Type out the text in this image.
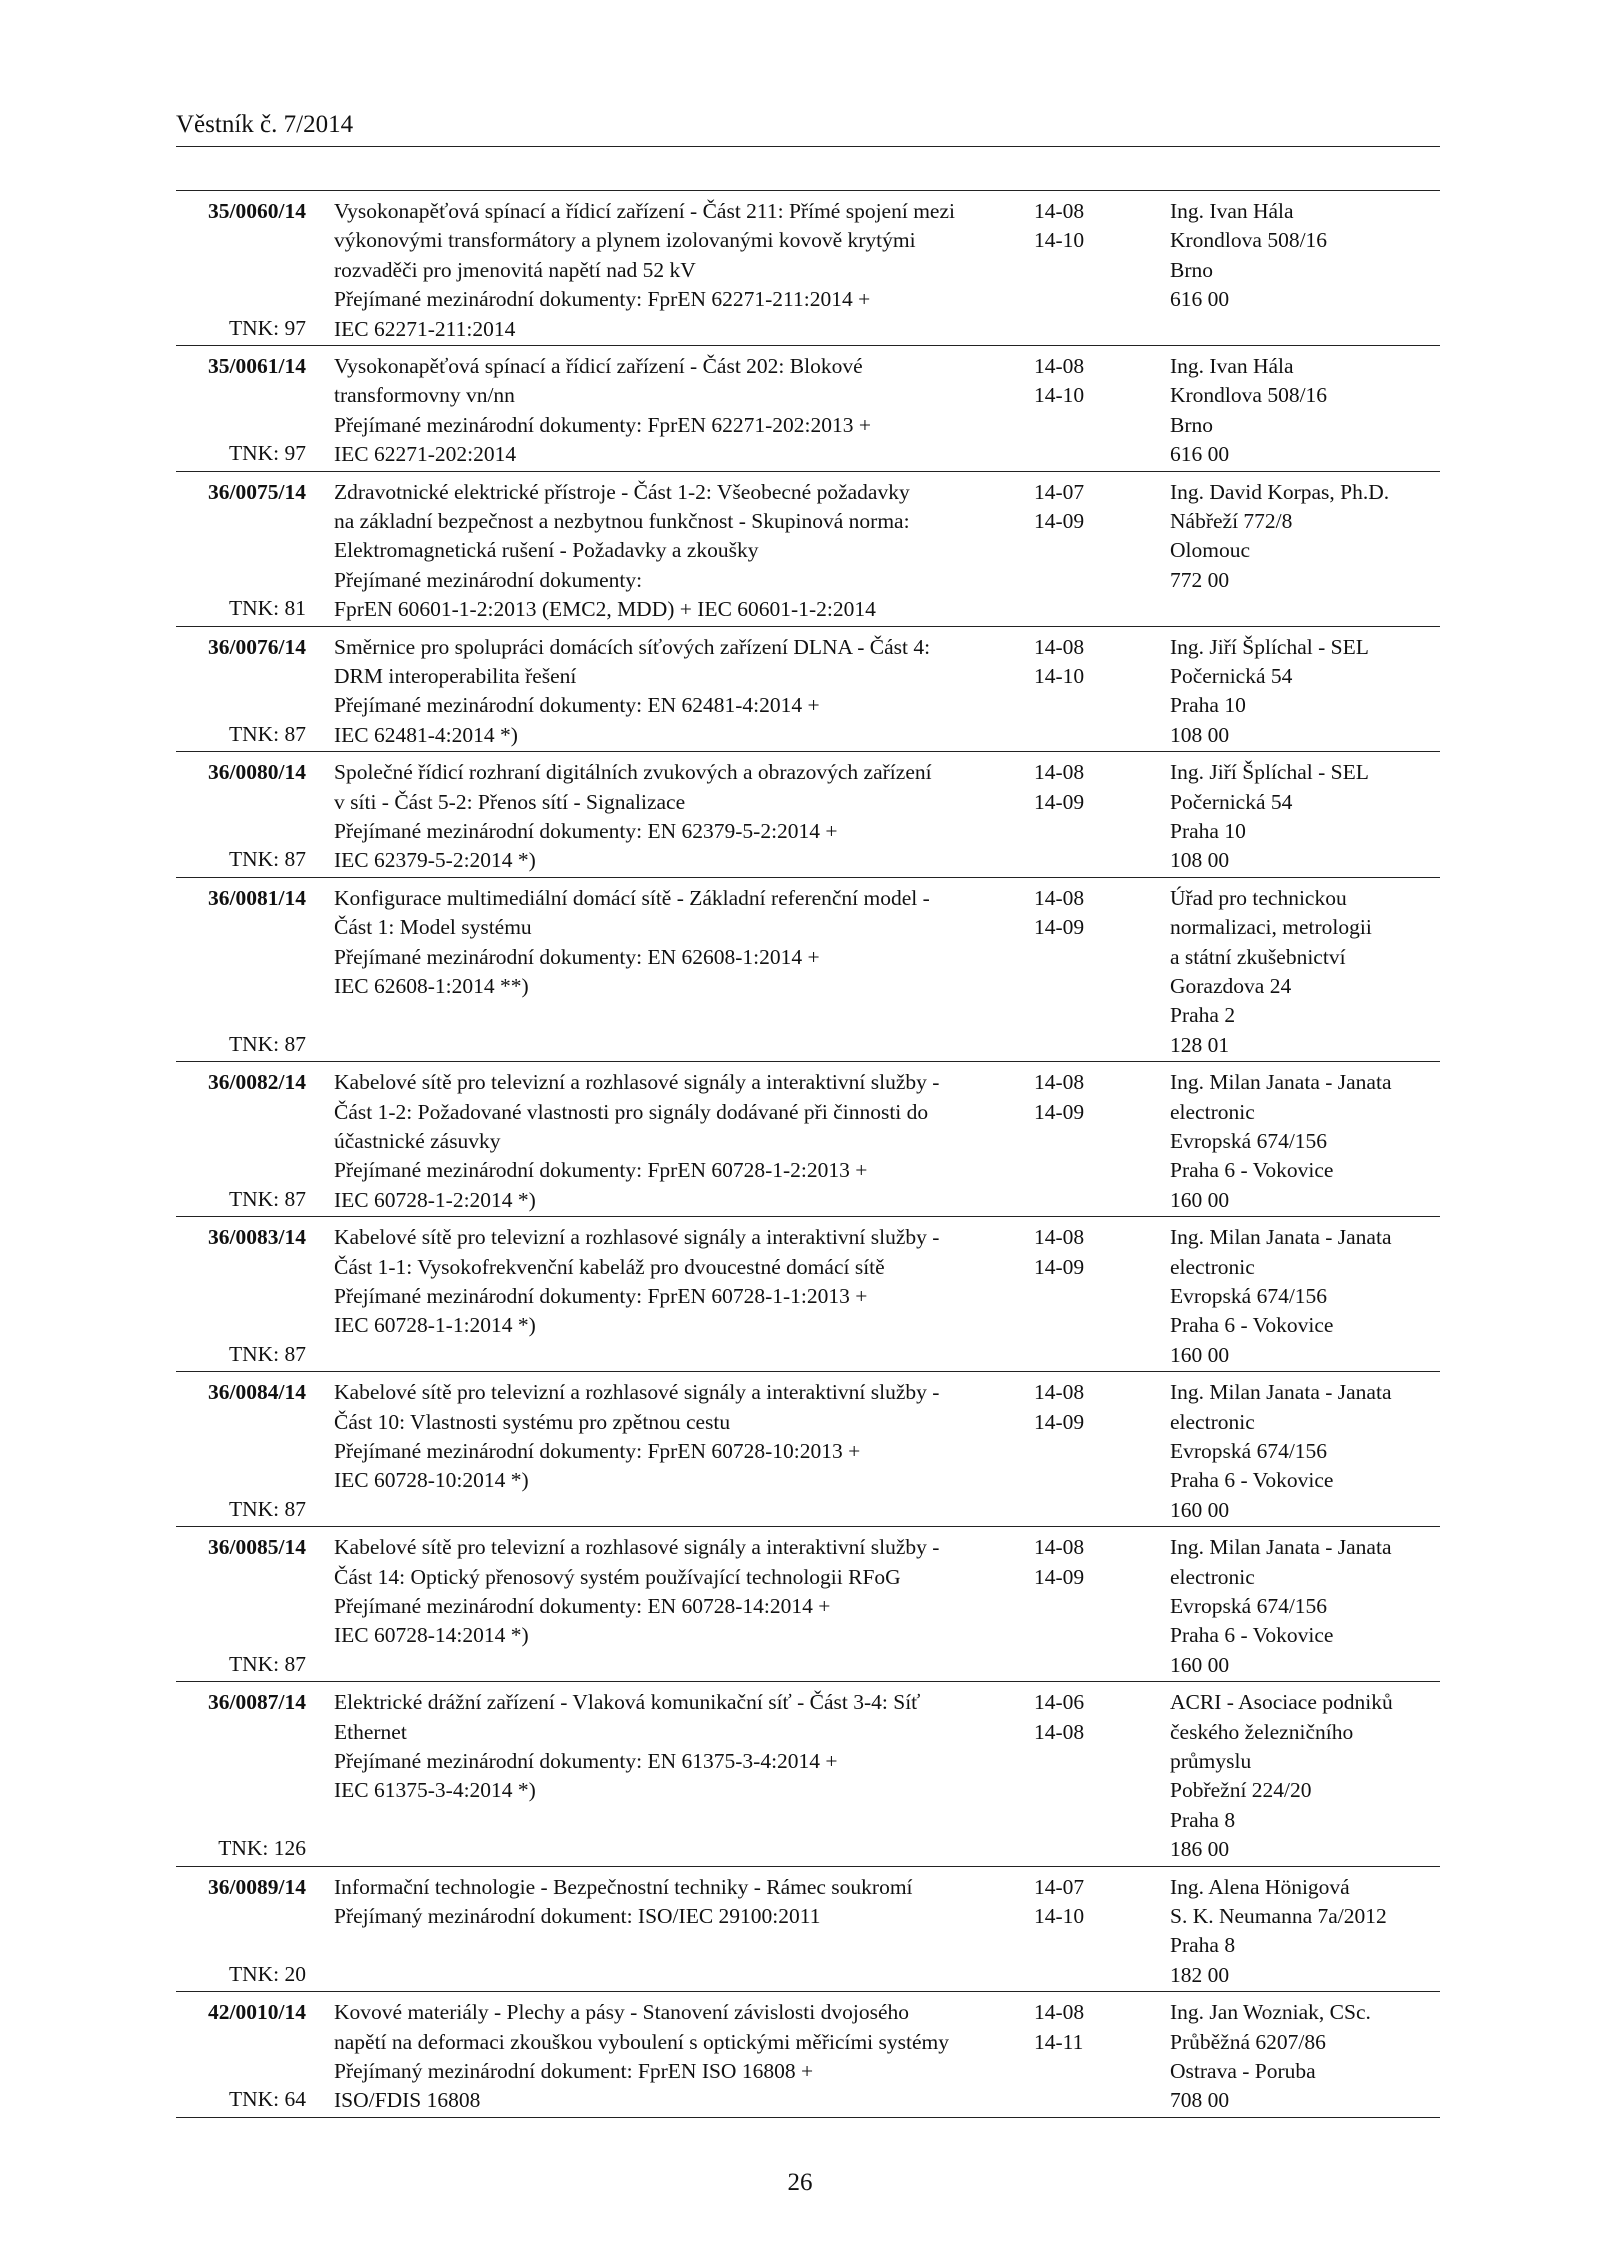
Věstník č. 7/2014
35/0060/14
TNK: 97
Vysokonapěťová spínací a řídicí zařízení - Část 211: Přímé spojení mezi
výkonovými transformátory a plynem izolovanými kovově krytými
rozvaděči pro jmenovitá napětí nad 52 kV
Přejímané mezinárodní dokumenty: FprEN 62271-211:2014 +
IEC 62271-211:2014
14-08
14-10
Ing. Ivan Hála
Krondlova 508/16
Brno
616 00
35/0061/14
TNK: 97
Vysokonapěťová spínací a řídicí zařízení - Část 202: Blokové
transformovny vn/nn
Přejímané mezinárodní dokumenty: FprEN 62271-202:2013 +
IEC 62271-202:2014
14-08
14-10
Ing. Ivan Hála
Krondlova 508/16
Brno
616 00
36/0075/14
TNK: 81
Zdravotnické elektrické přístroje - Část 1-2: Všeobecné požadavky
na základní bezpečnost a nezbytnou funkčnost - Skupinová norma:
Elektromagnetická rušení - Požadavky a zkoušky
Přejímané mezinárodní dokumenty:
FprEN 60601-1-2:2013 (EMC2, MDD) + IEC 60601-1-2:2014
14-07
14-09
Ing. David Korpas, Ph.D.
Nábřeží 772/8
Olomouc
772 00
36/0076/14
TNK: 87
Směrnice pro spolupráci domácích síťových zařízení DLNA - Část 4:
DRM interoperabilita řešení
Přejímané mezinárodní dokumenty: EN 62481-4:2014 +
IEC 62481-4:2014 *)
14-08
14-10
Ing. Jiří Šplíchal - SEL
Počernická 54
Praha 10
108 00
36/0080/14
TNK: 87
Společné řídicí rozhraní digitálních zvukových a obrazových zařízení
v síti - Část 5-2: Přenos sítí - Signalizace
Přejímané mezinárodní dokumenty: EN 62379-5-2:2014 +
IEC 62379-5-2:2014 *)
14-08
14-09
Ing. Jiří Šplíchal - SEL
Počernická 54
Praha 10
108 00
36/0081/14
TNK: 87
Konfigurace multimediální domácí sítě - Základní referenční model -
Část 1: Model systému
Přejímané mezinárodní dokumenty: EN 62608-1:2014 +
IEC 62608-1:2014 **)
14-08
14-09
Úřad pro technickou
normalizaci, metrologii
a státní zkušebnictví
Gorazdova 24
Praha 2
128 01
36/0082/14
TNK: 87
Kabelové sítě pro televizní a rozhlasové signály a interaktivní služby -
Část 1-2: Požadované vlastnosti pro signály dodávané při činnosti do
účastnické zásuvky
Přejímané mezinárodní dokumenty: FprEN 60728-1-2:2013 +
IEC 60728-1-2:2014 *)
14-08
14-09
Ing. Milan Janata - Janata
electronic
Evropská 674/156
Praha 6 - Vokovice
160 00
36/0083/14
TNK: 87
Kabelové sítě pro televizní a rozhlasové signály a interaktivní služby -
Část 1-1: Vysokofrekvenční kabeláž pro dvoucestné domácí sítě
Přejímané mezinárodní dokumenty: FprEN 60728-1-1:2013 +
IEC 60728-1-1:2014 *)
14-08
14-09
Ing. Milan Janata - Janata
electronic
Evropská 674/156
Praha 6 - Vokovice
160 00
36/0084/14
TNK: 87
Kabelové sítě pro televizní a rozhlasové signály a interaktivní služby -
Část 10: Vlastnosti systému pro zpětnou cestu
Přejímané mezinárodní dokumenty: FprEN 60728-10:2013 +
IEC 60728-10:2014 *)
14-08
14-09
Ing. Milan Janata - Janata
electronic
Evropská 674/156
Praha 6 - Vokovice
160 00
36/0085/14
TNK: 87
Kabelové sítě pro televizní a rozhlasové signály a interaktivní služby -
Část 14: Optický přenosový systém používající technologii RFoG
Přejímané mezinárodní dokumenty: EN 60728-14:2014 +
IEC 60728-14:2014 *)
14-08
14-09
Ing. Milan Janata - Janata
electronic
Evropská 674/156
Praha 6 - Vokovice
160 00
36/0087/14
TNK: 126
Elektrické drážní zařízení - Vlaková komunikační síť - Část 3-4: Síť
Ethernet
Přejímané mezinárodní dokumenty: EN 61375-3-4:2014 +
IEC 61375-3-4:2014 *)
14-06
14-08
ACRI - Asociace podniků
českého železničního
průmyslu
Pobřežní 224/20
Praha 8
186 00
36/0089/14
TNK: 20
Informační technologie - Bezpečnostní techniky - Rámec soukromí
Přejímaný mezinárodní dokument: ISO/IEC 29100:2011
14-07
14-10
Ing. Alena Hönigová
S. K. Neumanna 7a/2012
Praha 8
182 00
42/0010/14
TNK: 64
Kovové materiály - Plechy a pásy - Stanovení závislosti dvojosého
napětí na deformaci zkouškou vyboulení s optickými měřicími systémy
Přejímaný mezinárodní dokument: FprEN ISO 16808 +
ISO/FDIS 16808
14-08
14-11
Ing. Jan Wozniak, CSc.
Průběžná 6207/86
Ostrava - Poruba
708 00
26
